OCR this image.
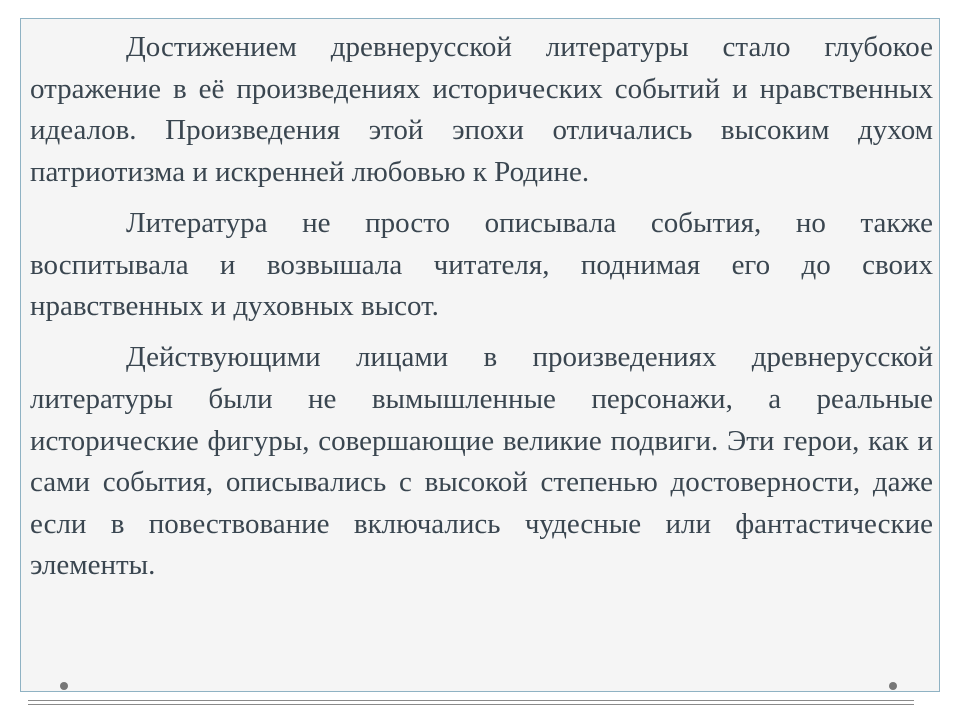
Достижением древнерусской литературы стало глубокое отражение в её произведениях исторических событий и нравственных идеалов. Произведения этой эпохи отличались высоким духом патриотизма и искренней любовью к Родине.

Литература не просто описывала события, но также воспитывала и возвышала читателя, поднимая его до своих нравственных и духовных высот.

Действующими лицами в произведениях древнерусской литературы были не вымышленные персонажи, а реальные исторические фигуры, совершающие великие подвиги. Эти герои, как и сами события, описывались с высокой степенью достоверности, даже если в повествование включались чудесные или фантастические элементы.
